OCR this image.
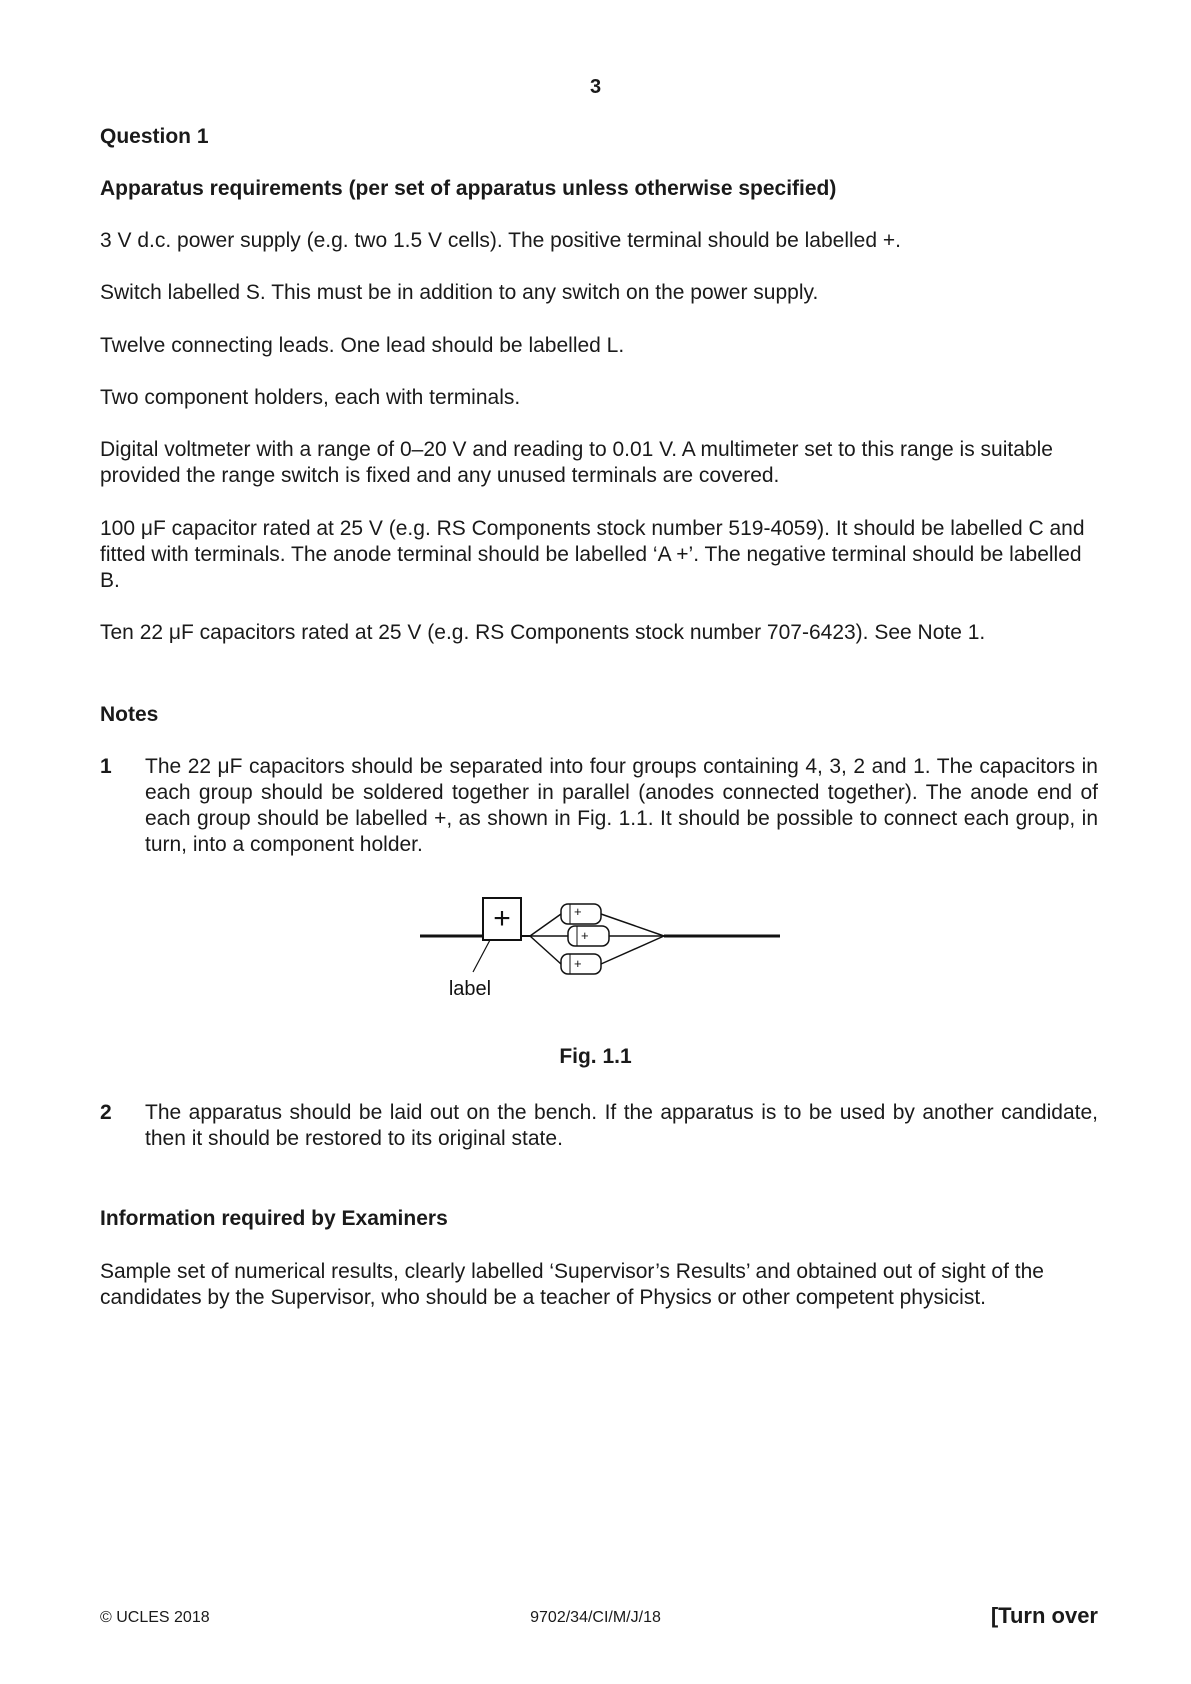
3

Question 1

Apparatus requirements (per set of apparatus unless otherwise specified)

3 V d.c. power supply (e.g. two 1.5 V cells). The positive terminal should be labelled +.

Switch labelled S. This must be in addition to any switch on the power supply.

Twelve connecting leads. One lead should be labelled L.

Two component holders, each with terminals.

Digital voltmeter with a range of 0–20 V and reading to 0.01 V. A multimeter set to this range is suitable provided the range switch is fixed and any unused terminals are covered.

100 μF capacitor rated at 25 V (e.g. RS Components stock number 519-4059). It should be labelled C and fitted with terminals. The anode terminal should be labelled ‘A +’. The negative terminal should be labelled B.

Ten 22 μF capacitors rated at 25 V (e.g. RS Components stock number 707-6423). See Note 1.

Notes

1 The 22 μF capacitors should be separated into four groups containing 4, 3, 2 and 1. The capacitors in each group should be soldered together in parallel (anodes connected together). The anode end of each group should be labelled +, as shown in Fig. 1.1. It should be possible to connect each group, in turn, into a component holder.
+	+
+
+
label

Fig. 1.1

2 The apparatus should be laid out on the bench. If the apparatus is to be used by another candidate, then it should be restored to its original state.

Information required by Examiners

Sample set of numerical results, clearly labelled ‘Supervisor’s Results’ and obtained out of sight of the candidates by the Supervisor, who should be a teacher of Physics or other competent physicist.

© UCLES 2018	9702/34/CI/M/J/18	[Turn over
